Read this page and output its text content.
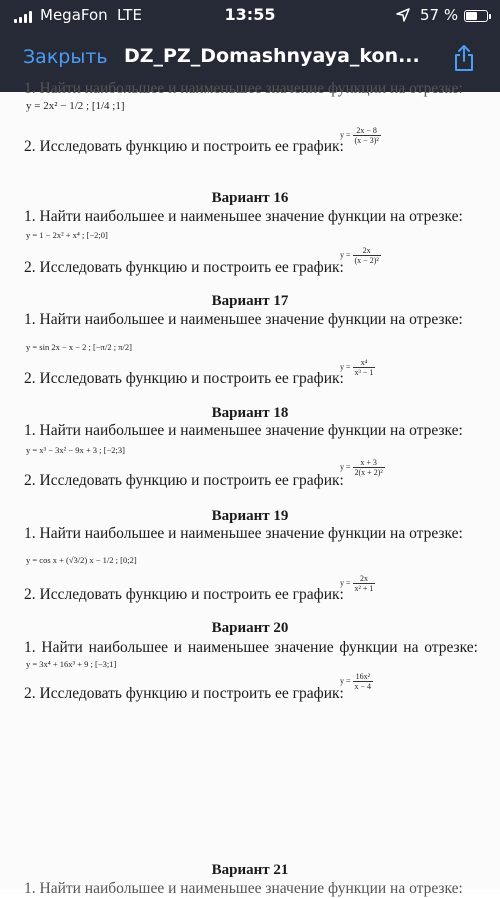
MegaFon LTE	13:55	57 %
Закрыть DZ_PZ_Domashnyaya_kon...
1. Найти наибольшее и наименьшее значение функции на отрезке:
y = 2x² − 1/2 ; [1/4 ;1]
2. Исследовать функцию и построить ее график:
$y = \frac{2x - 8}{\text{(x − 3)²}}$
Вариант 16
1. Найти наибольшее и наименьшее значение функции на отрезке:
y = 1 − 2x² + x⁴ ; [−2;0]
2. Исследовать функцию и построить ее график:
$y = \frac{2x}{\text{(x − 2)²}}$
Вариант 17
1. Найти наибольшее и наименьшее значение функции на отрезке:
y = sin 2x − x − 2 ; [−π/2 ; π/2]
2. Исследовать функцию и построить ее график:
$y = \frac{\text{x⁴}}{\text{x³ − 1}}$
Вариант 18
1. Найти наибольшее и наименьшее значение функции на отрезке:
y = x³ − 3x² − 9x + 3 ; [−2;3]
2. Исследовать функцию и построить ее график:
$y = \frac{x + 3}{\text{2(x + 2)²}}$
Вариант 19
1. Найти наибольшее и наименьшее значение функции на отрезке:
y = cos x + (√3/2) x − 1/2 ; [0;2]
2. Исследовать функцию и построить ее график:
$y = \frac{2x}{\text{x² + 1}}$
Вариант 20
1. Найти наибольшее и наименьшее значение функции на отрезке:
y = 3x⁴ + 16x³ + 9 ; [−3;1]
2. Исследовать функцию и построить ее график:
$y = \frac{\text{16x²}}{x - 4}$
Вариант 21
1. Найти наибольшее и наименьшее значение функции на отрезке:
